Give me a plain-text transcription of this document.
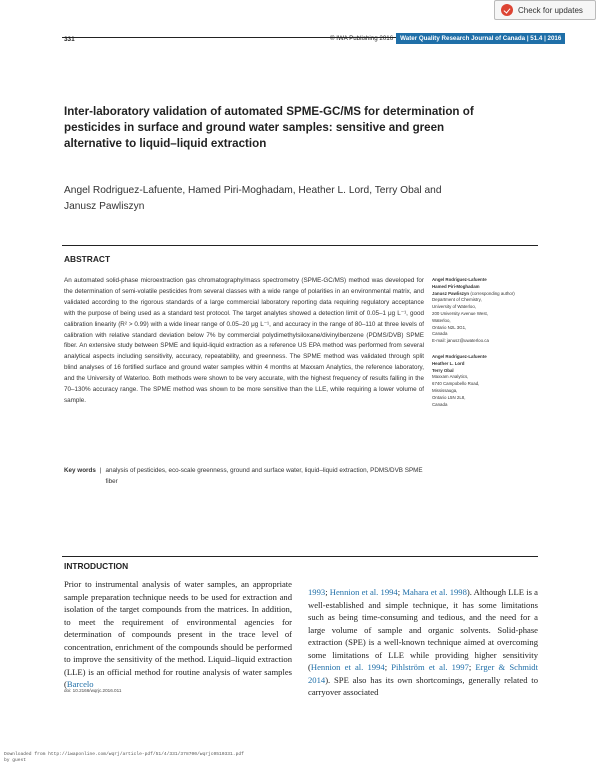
Check for updates
331	© IWA Publishing 2016	Water Quality Research Journal of Canada | 51.4 | 2016
Inter-laboratory validation of automated SPME-GC/MS for determination of pesticides in surface and ground water samples: sensitive and green alternative to liquid–liquid extraction
Angel Rodriguez-Lafuente, Hamed Piri-Moghadam, Heather L. Lord, Terry Obal and Janusz Pawliszyn
ABSTRACT
An automated solid-phase microextraction gas chromatography/mass spectrometry (SPME-GC/MS) method was developed for the determination of semi-volatile pesticides from several classes with a wide range of polarities in an environmental matrix, and validated according to the rigorous standards of a large commercial laboratory reporting data requiring regulatory acceptance with the purpose of being used as a standard test protocol. The target analytes showed a detection limit of 0.05–1 μg L⁻¹, good calibration linearity (R² > 0.99) with a wide linear range of 0.05–20 μg L⁻¹, and accuracy in the range of 80–110 at three levels of calibration with relative standard deviation below 7% by commercial polydimethylsiloxane/divinylbenzene (PDMS/DVB) SPME fiber. An extensive study between SPME and liquid-liquid extraction as a reference US EPA method was performed from several analytical aspects including sensitivity, accuracy, repeatability, and greenness. The SPME method was validated through split blind analyses of 16 fortified surface and ground water samples within 4 months at Maxxam Analytics, the reference laboratory, and the University of Waterloo. Both methods were shown to be very accurate, with the highest frequency of results falling in the 70–130% accuracy range. The SPME method was shown to be more sensitive than the LLE, while requiring a lower volume of sample.
Key words | analysis of pesticides, eco-scale greenness, ground and surface water, liquid–liquid extraction, PDMS/DVB SPME fiber
Angel Rodriguez-Lafuente
Hamed Piri-Moghadam
Janusz Pawliszyn (corresponding author)
Department of Chemistry,
University of Waterloo,
200 University Avenue West,
Waterloo,
Ontario N2L 3G1,
Canada
E-mail: janusz@uwaterloo.ca
Angel Rodriguez-Lafuente
Heather L. Lord
Terry Obal
Maxxam Analytics,
6740 Campobello Road,
Mississauga,
Ontario L5N 2L8,
Canada
INTRODUCTION
Prior to instrumental analysis of water samples, an appropriate sample preparation technique needs to be used for extraction and isolation of the target compounds from the matrices. In addition, to meet the requirement of environmental agencies for determination of compounds present in the trace level of concentration, enrichment of the compounds should be performed to improve the sensitivity of the method. Liquid–liquid extraction (LLE) is an official method for routine analysis of water samples (Barcelo
1993; Hennion et al. 1994; Mahara et al. 1998). Although LLE is a well-established and simple technique, it has some limitations such as being time-consuming and tedious, and the need for a large volume of sample and organic solvents. Solid-phase extraction (SPE) is a well-known technique aimed at overcoming some limitations of LLE while providing higher sensitivity (Hennion et al. 1994; Pihlström et al. 1997; Erger & Schmidt 2014). SPE also has its own shortcomings, generally related to carryover associated
doi: 10.2166/wqrjc.2016.011
Downloaded from http://iwaponline.com/wqrj/article-pdf/51/4/331/378700/wqrjc0510331.pdf
by guest
